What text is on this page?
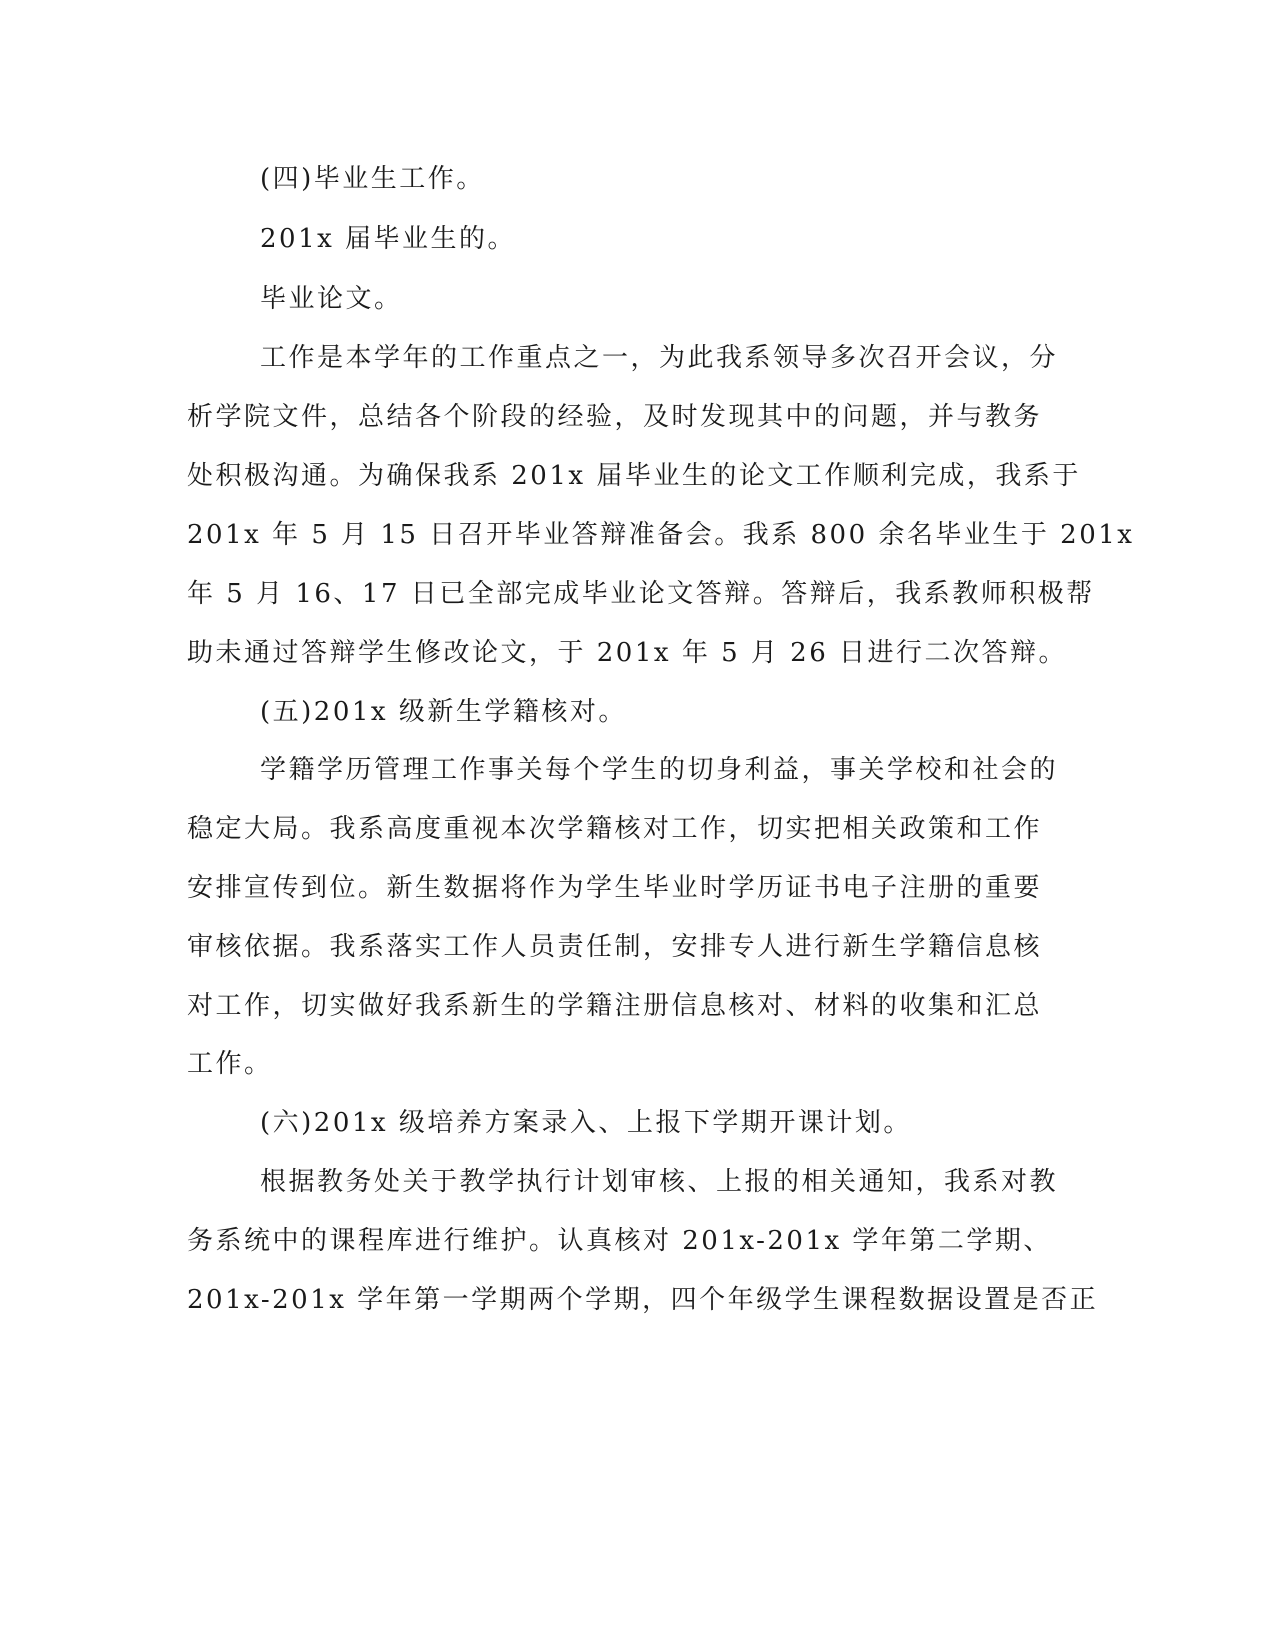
(四)毕业生工作。
201x 届毕业生的。
毕业论文。
工作是本学年的工作重点之一，为此我系领导多次召开会议，分
析学院文件，总结各个阶段的经验，及时发现其中的问题，并与教务
处积极沟通。为确保我系 201x 届毕业生的论文工作顺利完成，我系于
201x 年 5 月 15 日召开毕业答辩准备会。我系 800 余名毕业生于 201x
年 5 月 16、17 日已全部完成毕业论文答辩。答辩后，我系教师积极帮
助未通过答辩学生修改论文，于 201x 年 5 月 26 日进行二次答辩。
(五)201x 级新生学籍核对。
学籍学历管理工作事关每个学生的切身利益，事关学校和社会的
稳定大局。我系高度重视本次学籍核对工作，切实把相关政策和工作
安排宣传到位。新生数据将作为学生毕业时学历证书电子注册的重要
审核依据。我系落实工作人员责任制，安排专人进行新生学籍信息核
对工作，切实做好我系新生的学籍注册信息核对、材料的收集和汇总
工作。
(六)201x 级培养方案录入、上报下学期开课计划。
根据教务处关于教学执行计划审核、上报的相关通知，我系对教
务系统中的课程库进行维护。认真核对 201x-201x 学年第二学期、
201x-201x 学年第一学期两个学期，四个年级学生课程数据设置是否正
